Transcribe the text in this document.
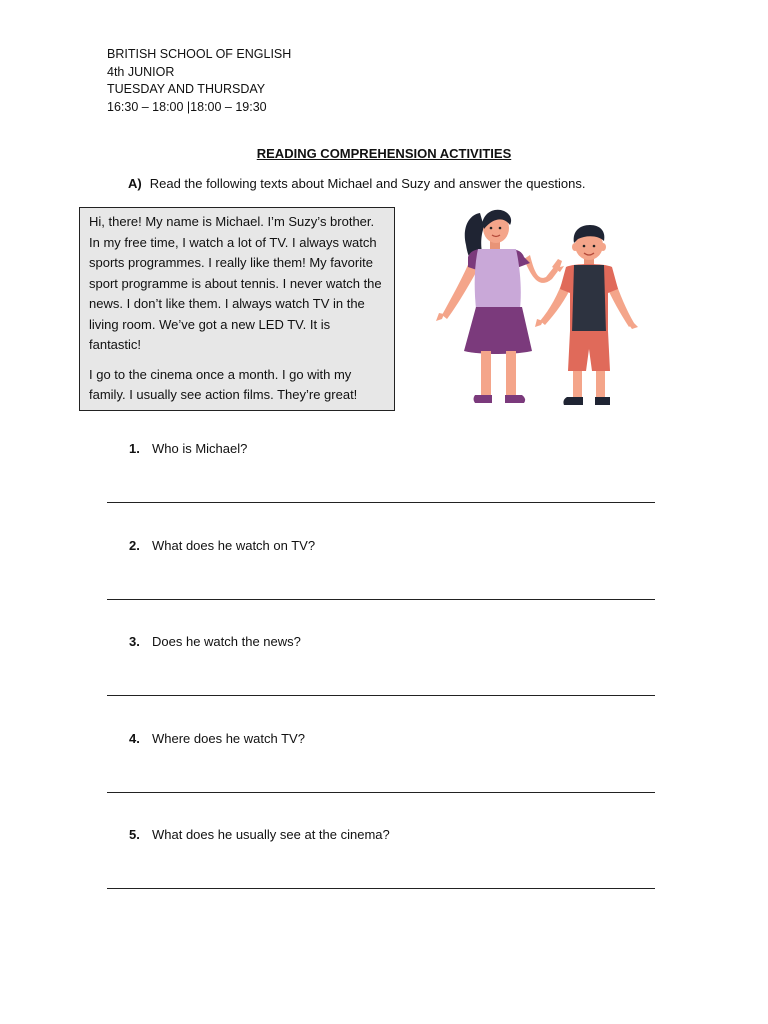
BRITISH SCHOOL OF ENGLISH
4th JUNIOR
TUESDAY AND THURSDAY
16:30 – 18:00 |18:00 – 19:30
READING COMPREHENSION ACTIVITIES
A) Read the following texts about Michael and Suzy and answer the questions.

Hi, there! My name is Michael. I’m Suzy’s brother. In my free time, I watch a lot of TV. I always watch sports programmes. I really like them! My favorite sport programme is about tennis. I never watch the news. I don’t like them. I always watch TV in the living room. We’ve got a new LED TV. It is fantastic!

I go to the cinema once a month. I go with my family. I usually see action films. They’re great!

1. Who is Michael?
2. What does he watch on TV?
3. Does he watch the news?
4. Where does he watch TV?
5. What does he usually see at the cinema?
